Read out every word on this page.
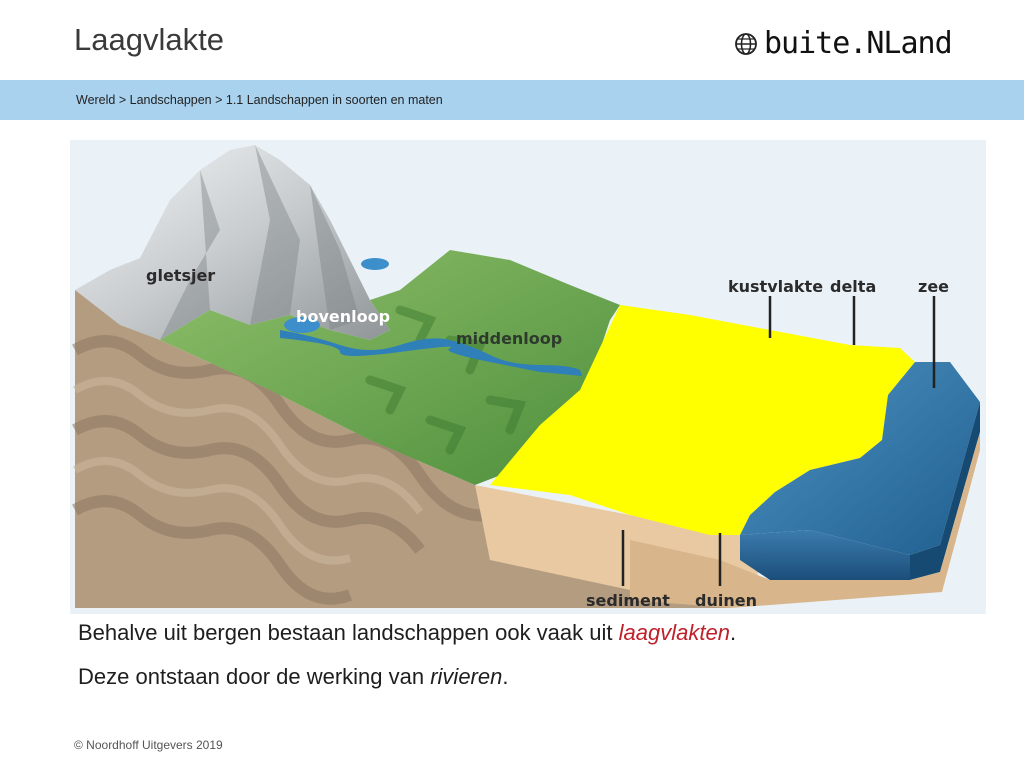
Laagvlakte	buite.NLand
Wereld > Landschappen > 1.1 Landschappen in soorten en maten
gletsjer
bovenloop
middenloop
kustvlakte delta	zee
sediment duinen
Behalve uit bergen bestaan landschappen ook vaak uit laagvlakten.
Deze ontstaan door de werking van rivieren.
© Noordhoff Uitgevers 2019
